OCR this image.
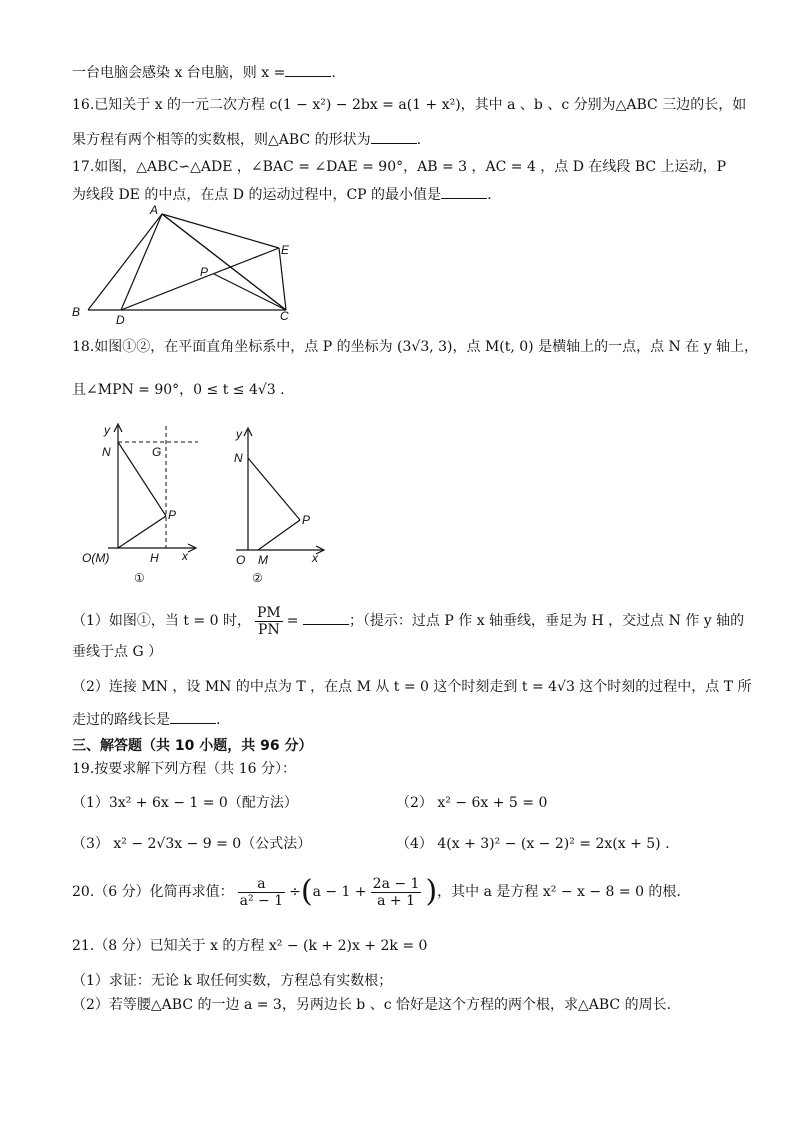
一台电脑会感染 x 台电脑，则 x =	.
16.已知关于 x 的一元二次方程 c(1 − x²) − 2bx = a(1 + x²)，其中 a 、b 、c 分别为△ABC 三边的长，如
果方程有两个相等的实数根，则△ABC 的形状为	.
17.如图，△ABC∽△ADE ，∠BAC = ∠DAE = 90°，AB = 3 ，AC = 4 ，点 D 在线段 BC 上运动，P
为线段 DE 的中点，在点 D 的运动过程中，CP 的最小值是	.
A
E
P
B
D	C
18.如图①②，在平面直角坐标系中，点 P 的坐标为 (3√3, 3)，点 M(t, 0) 是横轴上的一点，点 N 在 y 轴上，
且∠MPN = 90°，0 ≤ t ≤ 4√3 .
y
N	G
P
O(M)	H x
①
y
N
P
O M	x
②
（1）如图①，当 t = 0 时， $\frac{PM}{PN}$ =	；（提示：过点 P 作 x 轴垂线，垂足为 H ，交过点 N 作 y 轴的
垂线于点 G ）
（2）连接 MN ，设 MN 的中点为 T ，在点 M 从 t = 0 这个时刻走到 t = 4√3 这个时刻的过程中，点 T 所
走过的路线长是	.
三、解答题（共 10 小题，共 96 分）
19.按要求解下列方程（共 16 分）：
（1）3x² + 6x − 1 = 0（配方法）	（2） x² − 6x + 5 = 0
（3） x² − 2√3x − 9 = 0（公式法）	（4） 4(x + 3)² − (x − 2)² = 2x(x + 5) .
20.（6 分）化简再求值： $\frac{a}{\text{a² − 1}} \div(a - 1 + \frac{2a - 1}{a + 1}$ )，其中 a 是方程 x² − x − 8 = 0 的根.
21.（8 分）已知关于 x 的方程 x² − (k + 2)x + 2k = 0
（1）求证：无论 k 取任何实数，方程总有实数根；
（2）若等腰△ABC 的一边 a = 3，另两边长 b 、c 恰好是这个方程的两个根，求△ABC 的周长.
